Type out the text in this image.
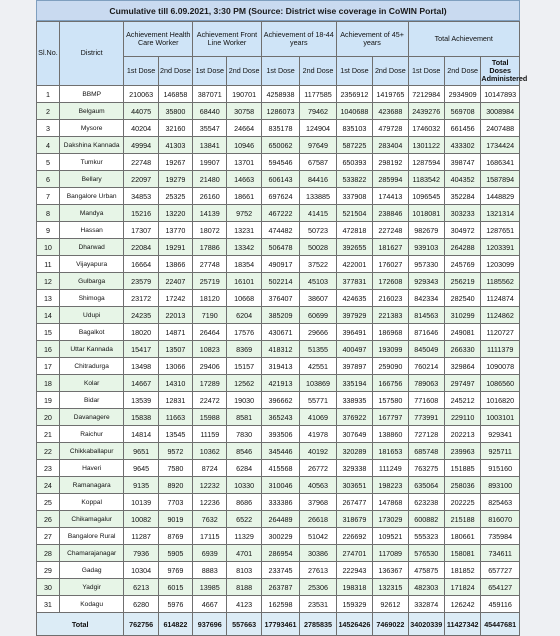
Cumulative till 6.09.2021, 3:30 PM (Source: District wise coverage in CoWIN Portal)
Sl.No.	District	Achievement Health Care Worker		Achievement Front Line Worker		Achievement of 18-44 years		Achievement of 45+ years		Total Achievement		
		1st Dose	2nd Dose	1st Dose	2nd Dose	1st Dose	2nd Dose	1st Dose	2nd Dose	1st Dose	2nd Dose	Total Doses Administered
1	BBMP	210063	146858	387071	190701	4258938	1177585	2356912	1419765	7212984	2934909	10147893
2	Belgaum	44075	35800	68440	30758	1286073	79462	1040688	423688	2439276	569708	3008984
3	Mysore	40204	32160	35547	24664	835178	124904	835103	479728	1746032	661456	2407488
4	Dakshina Kannada	49994	41303	13841	10946	650062	97649	587225	283404	1301122	433302	1734424
5	Tumkur	22748	19267	19907	13701	594546	67587	650393	298192	1287594	398747	1686341
6	Bellary	22097	19279	21480	14663	606143	84416	533822	285994	1183542	404352	1587894
7	Bangalore Urban	34853	25325	26160	18661	697624	133885	337908	174413	1096545	352284	1448829
8	Mandya	15216	13220	14139	9752	467222	41415	521504	238846	1018081	303233	1321314
9	Hassan	17307	13770	18072	13231	474482	50723	472818	227248	982679	304972	1287651
10	Dharwad	22084	19291	17886	13342	506478	50028	392655	181627	939103	264288	1203391
11	Vijayapura	16664	13866	27748	18354	490917	37522	422001	176027	957330	245769	1203099
12	Gulbarga	23579	22407	25719	16101	502214	45103	377831	172608	929343	256219	1185562
13	Shimoga	23172	17242	18120	10668	376407	38607	424635	216023	842334	282540	1124874
14	Udupi	24235	22013	7190	6204	385209	60699	397929	221383	814563	310299	1124862
15	Bagalkot	18020	14871	26464	17576	430671	29666	396491	186968	871646	249081	1120727
16	Uttar Kannada	15417	13507	10823	8369	418312	51355	400497	193099	845049	266330	1111379
17	Chitradurga	13498	13066	29406	15157	319413	42551	397897	259090	760214	329864	1090078
18	Kolar	14667	14310	17289	12562	421913	103869	335194	166756	789063	297497	1086560
19	Bidar	13539	12831	22472	19030	396662	55771	338935	157580	771608	245212	1016820
20	Davanagere	15838	11663	15988	8581	365243	41069	376922	167797	773991	229110	1003101
21	Raichur	14814	13545	11159	7830	393506	41978	307649	138860	727128	202213	929341
22	Chikkaballapur	9651	9572	10362	8546	345446	40192	320289	181653	685748	239963	925711
23	Haveri	9645	7580	8724	6284	415568	26772	329338	111249	763275	151885	915160
24	Ramanagara	9135	8920	12232	10330	310046	40563	303651	198223	635064	258036	893100
25	Koppal	10139	7703	12236	8686	333386	37968	267477	147868	623238	202225	825463
26	Chikamagalur	10082	9019	7632	6522	264489	26618	318679	173029	600882	215188	816070
27	Bangalore Rural	11287	8769	17115	11329	300229	51042	226692	109521	555323	180661	735984
28	Chamarajanagar	7936	5905	6939	4701	286954	30386	274701	117089	576530	158081	734611
29	Gadag	10304	9769	8883	8103	233745	27613	222943	136367	475875	181852	657727
30	Yadgir	6213	6015	13985	8188	263787	25306	198318	132315	482303	171824	654127
31	Kodagu	6280	5976	4667	4123	162598	23531	159329	92612	332874	126242	459116
Total		762756	614822	937696	557663	17793461	2785835	14526426	7469022	34020339	11427342	45447681
